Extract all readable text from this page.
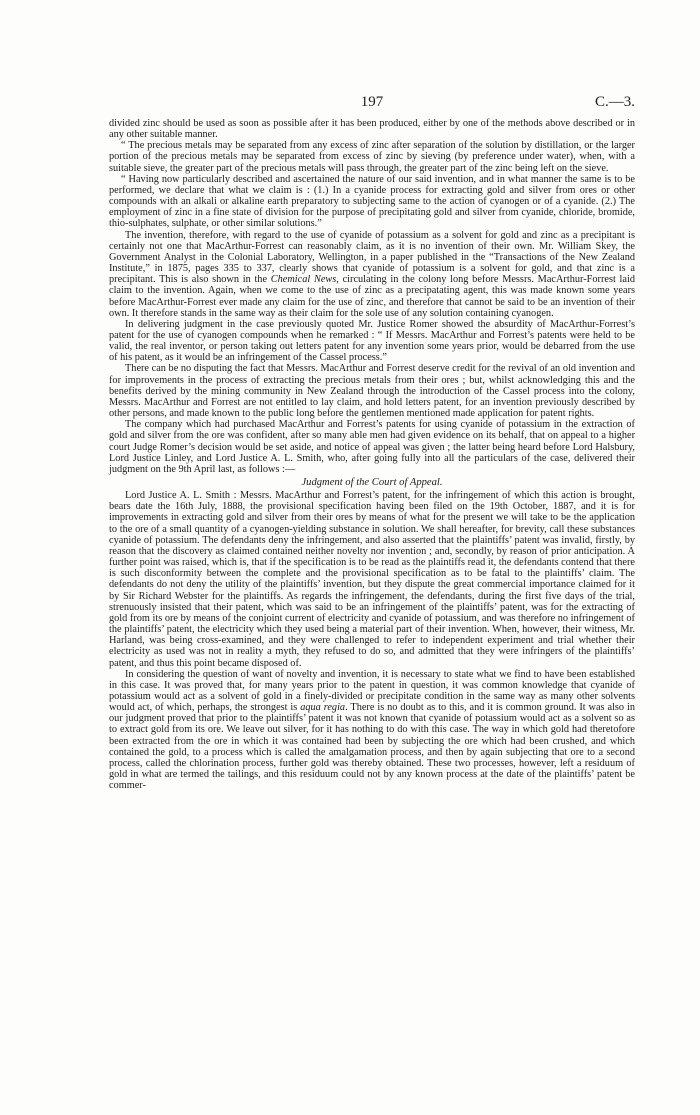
197	C.—3.

divided zinc should be used as soon as possible after it has been produced, either by one of the methods above described or in any other suitable manner.

“ The precious metals may be separated from any excess of zinc after separation of the solution by distillation, or the larger portion of the precious metals may be separated from excess of zinc by sieving (by preference under water), when, with a suitable sieve, the greater part of the precious metals will pass through, the greater part of the zinc being left on the sieve.

“ Having now particularly described and ascertained the nature of our said invention, and in what manner the same is to be performed, we declare that what we claim is : (1.) In a cyanide process for extracting gold and silver from ores or other compounds with an alkali or alkaline earth preparatory to subjecting same to the action of cyanogen or of a cyanide. (2.) The employment of zinc in a fine state of division for the purpose of precipitating gold and silver from cyanide, chloride, bromide, thio-sulphates, sulphate, or other similar solutions.”

The invention, therefore, with regard to the use of cyanide of potassium as a solvent for gold and zinc as a precipitant is certainly not one that MacArthur-Forrest can reasonably claim, as it is no invention of their own. Mr. William Skey, the Government Analyst in the Colonial Laboratory, Wellington, in a paper published in the “Transactions of the New Zealand Institute,” in 1875, pages 335 to 337, clearly shows that cyanide of potassium is a solvent for gold, and that zinc is a precipitant. This is also shown in the Chemical News, circulating in the colony long before Messrs. MacArthur-Forrest laid claim to the invention. Again, when we come to the use of zinc as a precipatating agent, this was made known some years before MacArthur-Forrest ever made any claim for the use of zinc, and therefore that cannot be said to be an invention of their own. It therefore stands in the same way as their claim for the sole use of any solution containing cyanogen.

In delivering judgment in the case previously quoted Mr. Justice Romer showed the absurdity of MacArthur-Forrest’s patent for the use of cyanogen compounds when he remarked : “ If Messrs. MacArthur and Forrest’s patents were held to be valid, the real inventor, or person taking out letters patent for any invention some years prior, would be debarred from the use of his patent, as it would be an infringement of the Cassel process.”

There can be no disputing the fact that Messrs. MacArthur and Forrest deserve credit for the revival of an old invention and for improvements in the process of extracting the precious metals from their ores ; but, whilst acknowledging this and the benefits derived by the mining community in New Zealand through the introduction of the Cassel process into the colony, Messrs. MacArthur and Forrest are not entitled to lay claim, and hold letters patent, for an invention previously described by other persons, and made known to the public long before the gentlemen mentioned made application for patent rights.

The company which had purchased MacArthur and Forrest’s patents for using cyanide of potassium in the extraction of gold and silver from the ore was confident, after so many able men had given evidence on its behalf, that on appeal to a higher court Judge Romer’s decision would be set aside, and notice of appeal was given ; the latter being heard before Lord Halsbury, Lord Justice Linley, and Lord Justice A. L. Smith, who, after going fully into all the particulars of the case, delivered their judgment on the 9th April last, as follows :—

Judgment of the Court of Appeal.

Lord Justice A. L. Smith : Messrs. MacArthur and Forrest’s patent, for the infringement of which this action is brought, bears date the 16th July, 1888, the provisional specification having been filed on the 19th October, 1887, and it is for improvements in extracting gold and silver from their ores by means of what for the present we will take to be the application to the ore of a small quantity of a cyanogen-yielding substance in solution. We shall hereafter, for brevity, call these substances cyanide of potassium. The defendants deny the infringement, and also asserted that the plaintiffs’ patent was invalid, firstly, by reason that the discovery as claimed contained neither novelty nor invention ; and, secondly, by reason of prior anticipation. A further point was raised, which is, that if the specification is to be read as the plaintiffs read it, the defendants contend that there is such disconformity between the complete and the provisional specification as to be fatal to the plaintiffs’ claim. The defendants do not deny the utility of the plaintiffs’ invention, but they dispute the great commercial importance claimed for it by Sir Richard Webster for the plaintiffs. As regards the infringement, the defendants, during the first five days of the trial, strenuously insisted that their patent, which was said to be an infringement of the plaintiffs’ patent, was for the extracting of gold from its ore by means of the conjoint current of electricity and cyanide of potassium, and was therefore no infringement of the plaintiffs’ patent, the electricity which they used being a material part of their invention. When, however, their witness, Mr. Harland, was being cross-examined, and they were challenged to refer to independent experiment and trial whether their electricity as used was not in reality a myth, they refused to do so, and admitted that they were infringers of the plaintiffs’ patent, and thus this point became disposed of.

In considering the question of want of novelty and invention, it is necessary to state what we find to have been established in this case. It was proved that, for many years prior to the patent in question, it was common knowledge that cyanide of potassium would act as a solvent of gold in a finely-divided or precipitate condition in the same way as many other solvents would act, of which, perhaps, the strongest is aqua regia. There is no doubt as to this, and it is common ground. It was also in our judgment proved that prior to the plaintiffs’ patent it was not known that cyanide of potassium would act as a solvent so as to extract gold from its ore. We leave out silver, for it has nothing to do with this case. The way in which gold had theretofore been extracted from the ore in which it was contained had been by subjecting the ore which had been crushed, and which contained the gold, to a process which is called the amalgamation process, and then by again subjecting that ore to a second process, called the chlorination process, further gold was thereby obtained. These two processes, however, left a residuum of gold in what are termed the tailings, and this residuum could not by any known process at the date of the plaintiffs’ patent be commer-
